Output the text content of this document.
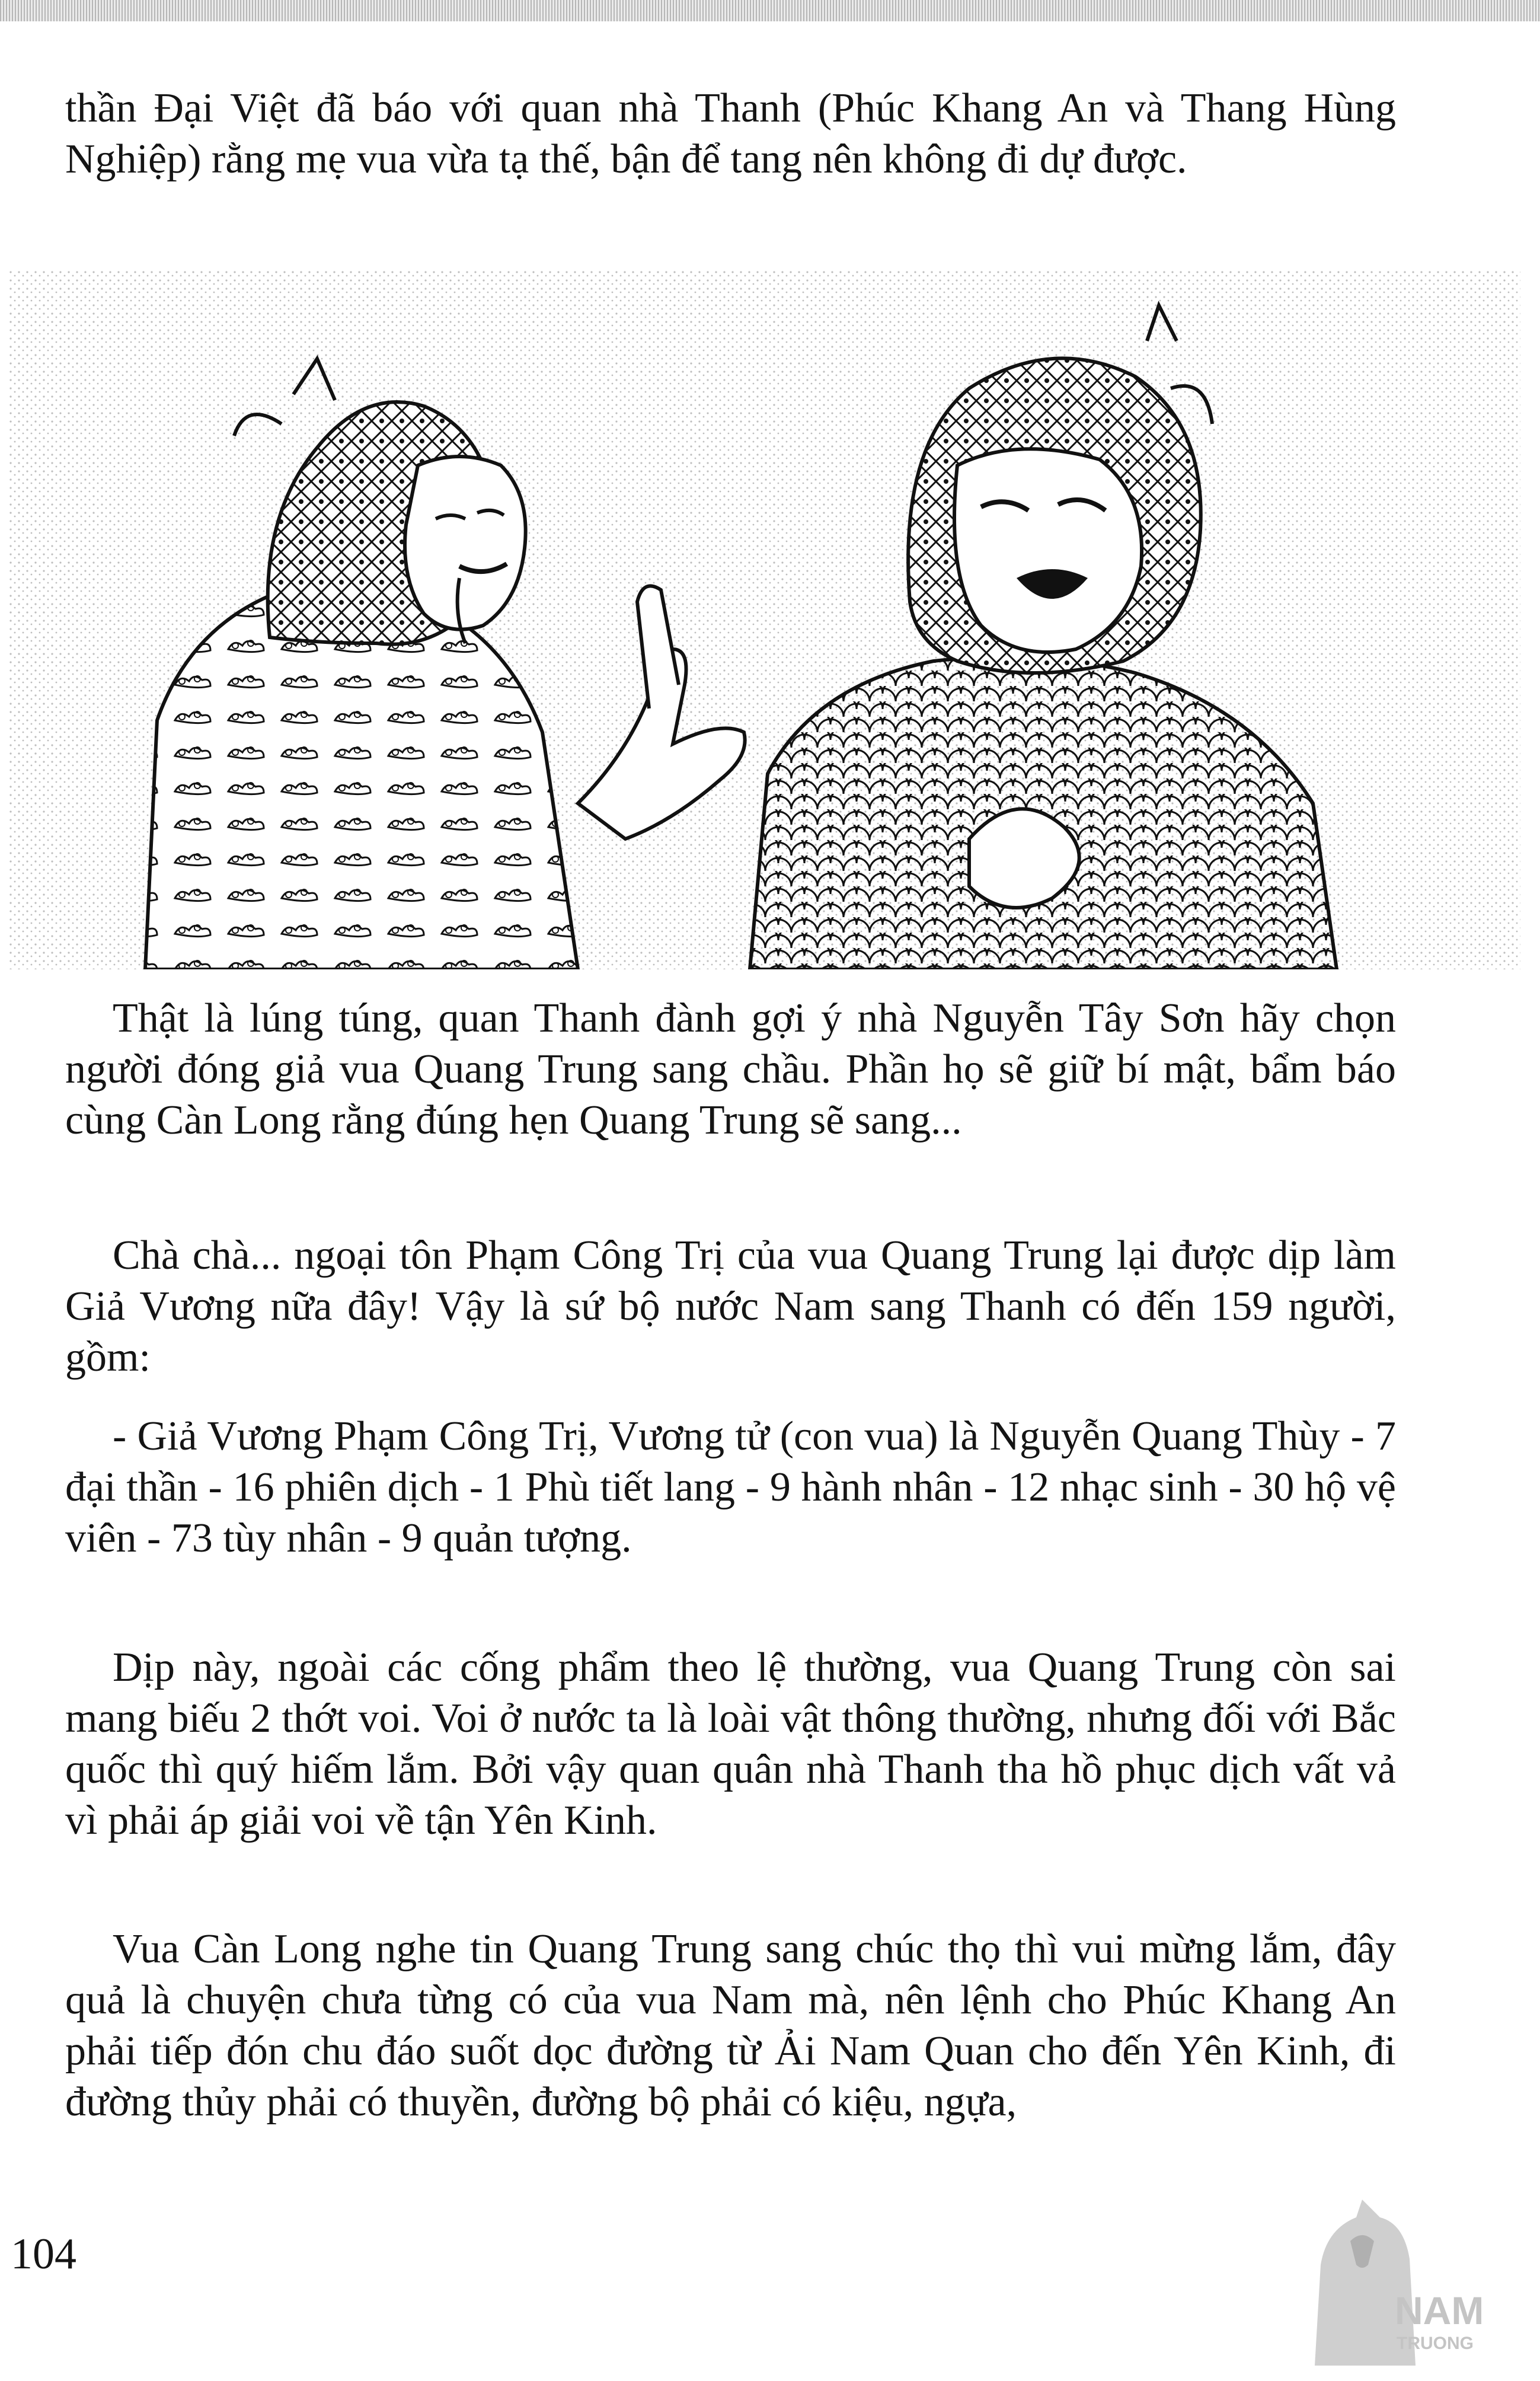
thần Đại Việt đã báo với quan nhà Thanh (Phúc Khang An và Thang Hùng Nghiệp) rằng mẹ vua vừa tạ thế, bận để tang nên không đi dự được.

Thật là lúng túng, quan Thanh đành gợi ý nhà Nguyễn Tây Sơn hãy chọn người đóng giả vua Quang Trung sang chầu. Phần họ sẽ giữ bí mật, bẩm báo cùng Càn Long rằng đúng hẹn Quang Trung sẽ sang...

Chà chà... ngoại tôn Phạm Công Trị của vua Quang Trung lại được dịp làm Giả Vương nữa đây! Vậy là sứ bộ nước Nam sang Thanh có đến 159 người, gồm:

- Giả Vương Phạm Công Trị, Vương tử (con vua) là Nguyễn Quang Thùy - 7 đại thần - 16 phiên dịch - 1 Phù tiết lang - 9 hành nhân - 12 nhạc sinh - 30 hộ vệ viên - 73 tùy nhân - 9 quản tượng.

Dịp này, ngoài các cống phẩm theo lệ thường, vua Quang Trung còn sai mang biếu 2 thớt voi. Voi ở nước ta là loài vật thông thường, nhưng đối với Bắc quốc thì quý hiếm lắm. Bởi vậy quan quân nhà Thanh tha hồ phục dịch vất vả vì phải áp giải voi về tận Yên Kinh.

Vua Càn Long nghe tin Quang Trung sang chúc thọ thì vui mừng lắm, đây quả là chuyện chưa từng có của vua Nam mà, nên lệnh cho Phúc Khang An phải tiếp đón chu đáo suốt dọc đường từ Ải Nam Quan cho đến Yên Kinh, đi đường thủy phải có thuyền, đường bộ phải có kiệu, ngựa,

104
NAM
TRUONG
